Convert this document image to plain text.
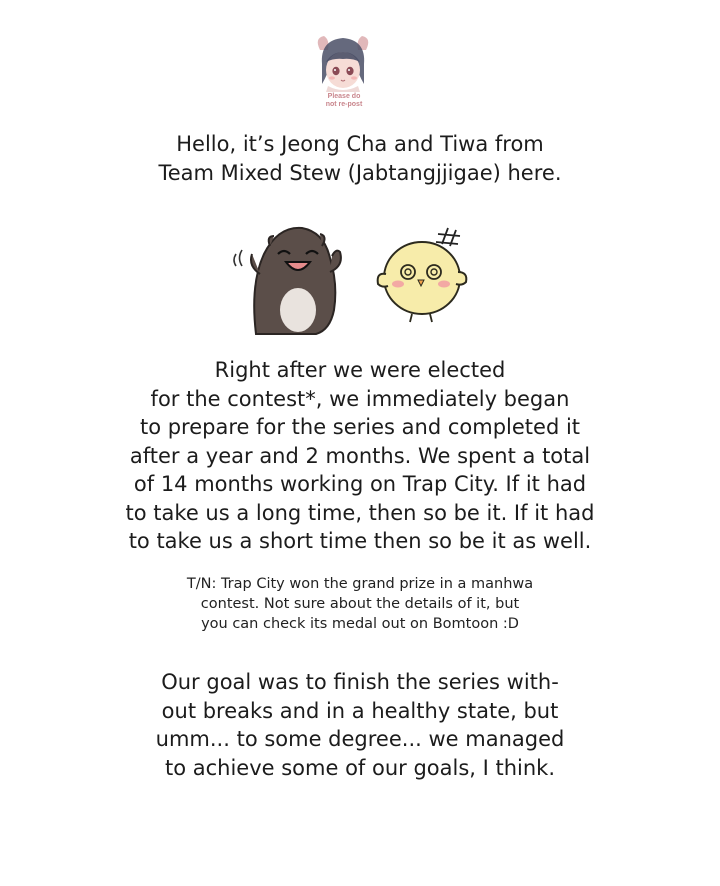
Please do
not re-post
Hello, it’s Jeong Cha and Tiwa from
Team Mixed Stew (Jabtangjjigae) here.
Right after we were elected
for the contest*, we immediately began
to prepare for the series and completed it
after a year and 2 months. We spent a total
of 14 months working on Trap City. If it had
to take us a long time, then so be it. If it had
to take us a short time then so be it as well.
T/N: Trap City won the grand prize in a manhwa
contest. Not sure about the details of it, but
you can check its medal out on Bomtoon :D
Our goal was to finish the series with-
out breaks and in a healthy state, but
umm... to some degree... we managed
to achieve some of our goals, I think.
